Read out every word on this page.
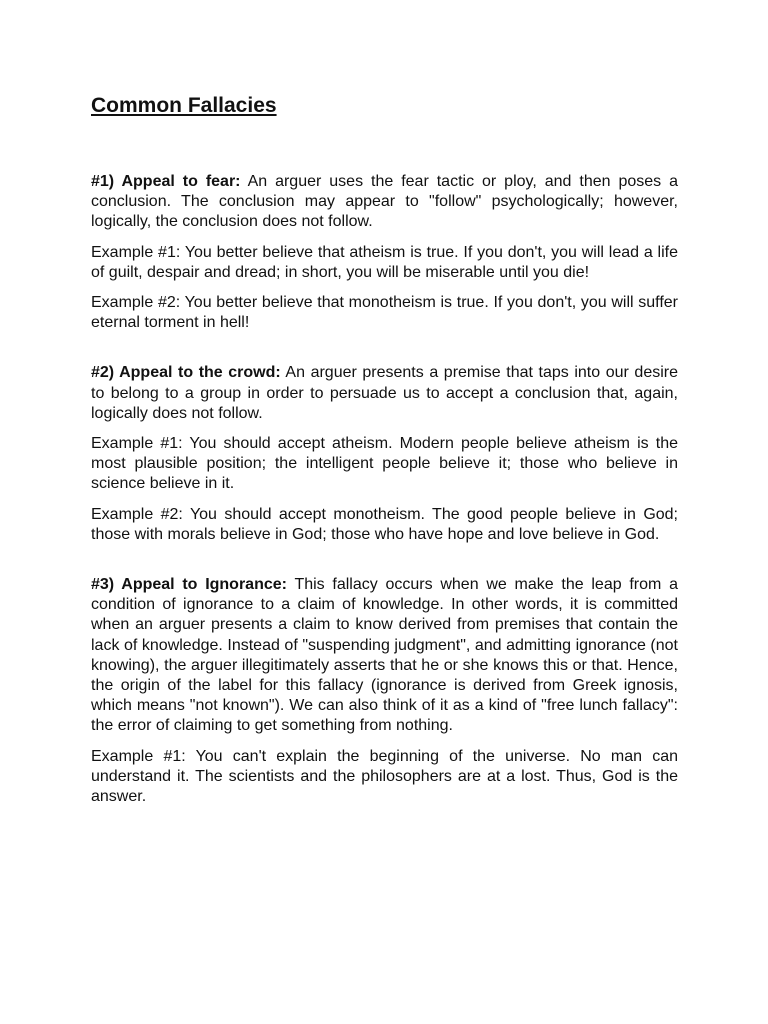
Common Fallacies

#1) Appeal to fear: An arguer uses the fear tactic or ploy, and then poses a conclusion. The conclusion may appear to "follow" psychologically; however, logically, the conclusion does not follow.

Example #1: You better believe that atheism is true. If you don't, you will lead a life of guilt, despair and dread; in short, you will be miserable until you die!

Example #2: You better believe that monotheism is true. If you don't, you will suffer eternal torment in hell!

#2) Appeal to the crowd: An arguer presents a premise that taps into our desire to belong to a group in order to persuade us to accept a conclusion that, again, logically does not follow.

Example #1: You should accept atheism. Modern people believe atheism is the most plausible position; the intelligent people believe it; those who believe in science believe in it.

Example #2: You should accept monotheism. The good people believe in God; those with morals believe in God; those who have hope and love believe in God.

#3) Appeal to Ignorance: This fallacy occurs when we make the leap from a condition of ignorance to a claim of knowledge. In other words, it is committed when an arguer presents a claim to know derived from premises that contain the lack of knowledge. Instead of "suspending judgment", and admitting ignorance (not knowing), the arguer illegitimately asserts that he or she knows this or that. Hence, the origin of the label for this fallacy (ignorance is derived from Greek ignosis, which means "not known"). We can also think of it as a kind of "free lunch fallacy": the error of claiming to get something from nothing.

Example #1: You can't explain the beginning of the universe. No man can understand it. The scientists and the philosophers are at a lost. Thus, God is the answer.
